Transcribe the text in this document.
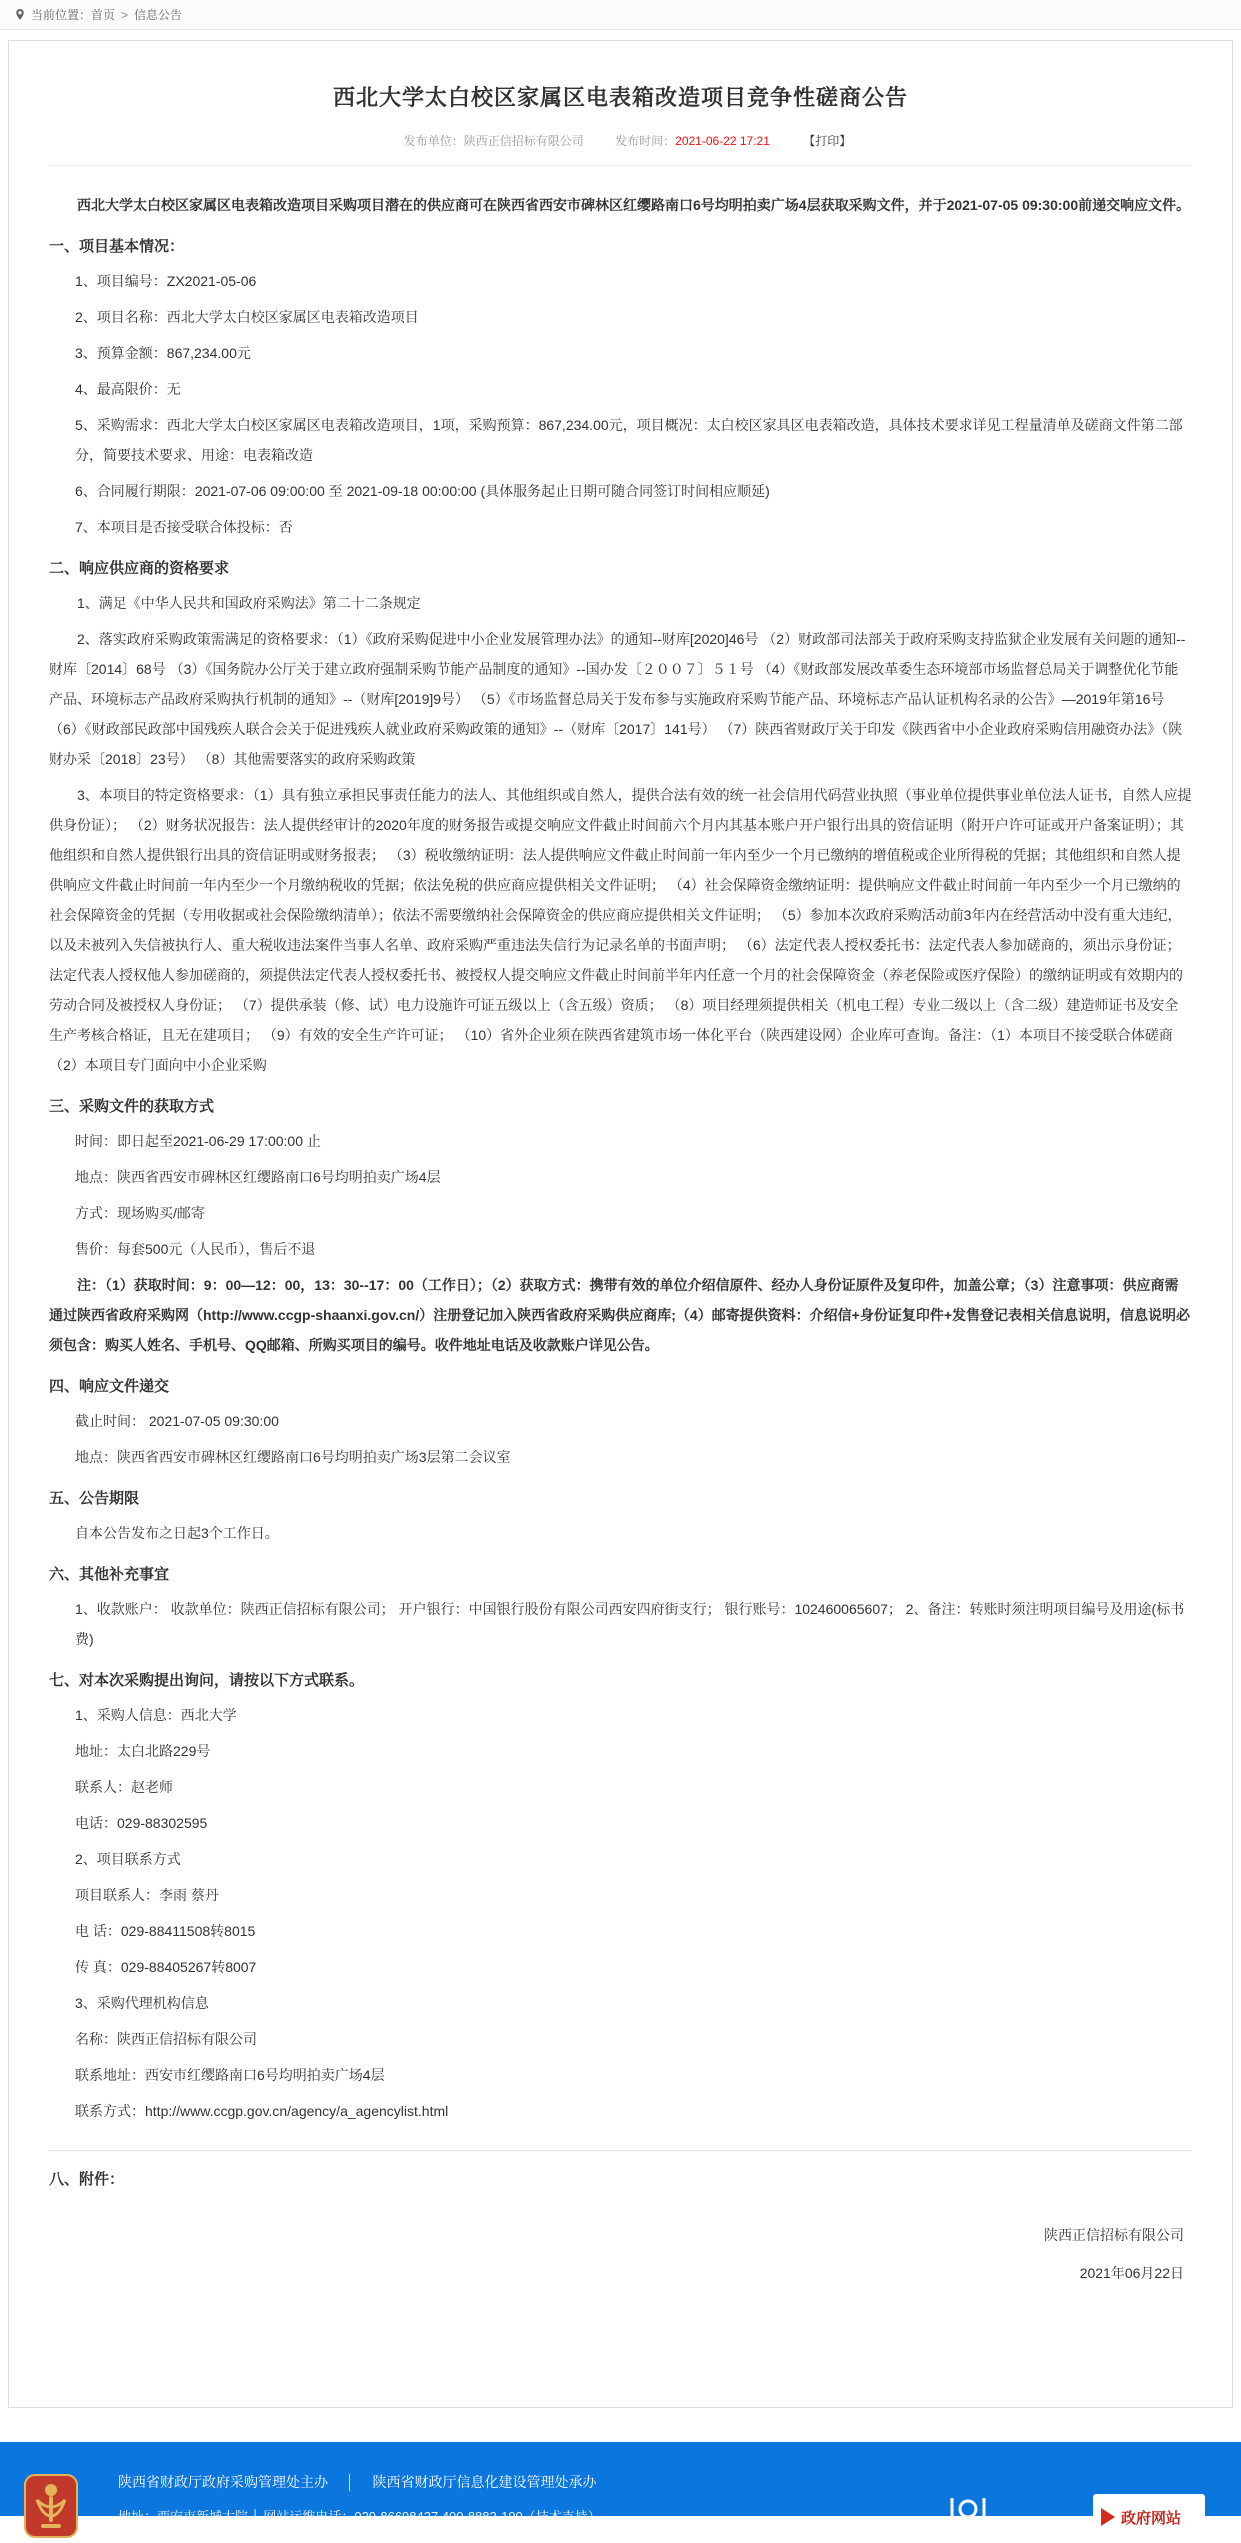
当前位置： 首页 > 信息公告
西北大学太白校区家属区电表箱改造项目竞争性磋商公告
发布单位：陕西正信招标有限公司	发布时间：2021-06-22 17:21	【打印】

西北大学太白校区家属区电表箱改造项目采购项目潜在的供应商可在陕西省西安市碑林区红缨路南口6号均明拍卖广场4层获取采购文件，并于2021-07-05 09:30:00前递交响应文件。

一、项目基本情况：

1、项目编号：ZX2021-05-06

2、项目名称：西北大学太白校区家属区电表箱改造项目

3、预算金额：867,234.00元

4、最高限价：无

5、采购需求：西北大学太白校区家属区电表箱改造项目，1项，采购预算：867,234.00元，项目概况：太白校区家具区电表箱改造，具体技术要求详见工程量清单及磋商文件第二部分，简要技术要求、用途：电表箱改造

6、合同履行期限：2021-07-06 09:00:00 至 2021-09-18 00:00:00 (具体服务起止日期可随合同签订时间相应顺延)

7、本项目是否接受联合体投标：否

二、响应供应商的资格要求

1、满足《中华人民共和国政府采购法》第二十二条规定

2、落实政府采购政策需满足的资格要求：（1）《政府采购促进中小企业发展管理办法》的通知--财库[2020]46号 （2）财政部司法部关于政府采购支持监狱企业发展有关问题的通知--财库〔2014〕68号 （3）《国务院办公厅关于建立政府强制采购节能产品制度的通知》--国办发〔２００７〕５１号 （4）《财政部发展改革委生态环境部市场监督总局关于调整优化节能产品、环境标志产品政府采购执行机制的通知》--（财库[2019]9号） （5）《市场监督总局关于发布参与实施政府采购节能产品、环境标志产品认证机构名录的公告》—2019年第16号 （6）《财政部民政部中国残疾人联合会关于促进残疾人就业政府采购政策的通知》--（财库〔2017〕141号） （7）陕西省财政厅关于印发《陕西省中小企业政府采购信用融资办法》（陕财办采〔2018〕23号） （8）其他需要落实的政府采购政策

3、本项目的特定资格要求：（1）具有独立承担民事责任能力的法人、其他组织或自然人，提供合法有效的统一社会信用代码营业执照（事业单位提供事业单位法人证书，自然人应提供身份证）； （2）财务状况报告：法人提供经审计的2020年度的财务报告或提交响应文件截止时间前六个月内其基本账户开户银行出具的资信证明（附开户许可证或开户备案证明）；其他组织和自然人提供银行出具的资信证明或财务报表； （3）税收缴纳证明：法人提供响应文件截止时间前一年内至少一个月已缴纳的增值税或企业所得税的凭据；其他组织和自然人提供响应文件截止时间前一年内至少一个月缴纳税收的凭据；依法免税的供应商应提供相关文件证明； （4）社会保障资金缴纳证明：提供响应文件截止时间前一年内至少一个月已缴纳的社会保障资金的凭据（专用收据或社会保险缴纳清单）；依法不需要缴纳社会保障资金的供应商应提供相关文件证明； （5）参加本次政府采购活动前3年内在经营活动中没有重大违纪，以及未被列入失信被执行人、重大税收违法案件当事人名单、政府采购严重违法失信行为记录名单的书面声明； （6）法定代表人授权委托书：法定代表人参加磋商的，须出示身份证；法定代表人授权他人参加磋商的，须提供法定代表人授权委托书、被授权人提交响应文件截止时间前半年内任意一个月的社会保障资金（养老保险或医疗保险）的缴纳证明或有效期内的劳动合同及被授权人身份证； （7）提供承装（修、试）电力设施许可证五级以上（含五级）资质； （8）项目经理须提供相关（机电工程）专业二级以上（含二级）建造师证书及安全生产考核合格证，且无在建项目； （9）有效的安全生产许可证； （10）省外企业须在陕西省建筑市场一体化平台（陕西建设网）企业库可查询。备注：（1）本项目不接受联合体磋商（2）本项目专门面向中小企业采购

三、采购文件的获取方式

时间：即日起至2021-06-29 17:00:00 止

地点：陕西省西安市碑林区红缨路南口6号均明拍卖广场4层

方式：现场购买/邮寄

售价：每套500元（人民币），售后不退

注：（1）获取时间：9：00—12：00，13：30--17：00（工作日）；（2）获取方式：携带有效的单位介绍信原件、经办人身份证原件及复印件，加盖公章；（3）注意事项：供应商需通过陕西省政府采购网（http://www.ccgp-shaanxi.gov.cn/）注册登记加入陕西省政府采购供应商库;（4）邮寄提供资料：介绍信+身份证复印件+发售登记表相关信息说明，信息说明必须包含：购买人姓名、手机号、QQ邮箱、所购买项目的编号。收件地址电话及收款账户详见公告。

四、响应文件递交

截止时间： 2021-07-05 09:30:00

地点：陕西省西安市碑林区红缨路南口6号均明拍卖广场3层第二会议室

五、公告期限

自本公告发布之日起3个工作日。

六、其他补充事宜

1、收款账户： 收款单位：陕西正信招标有限公司； 开户银行：中国银行股份有限公司西安四府街支行； 银行账号：102460065607； 2、备注：转账时须注明项目编号及用途(标书费)

七、对本次采购提出询问，请按以下方式联系。

1、采购人信息：西北大学

地址：太白北路229号

联系人：赵老师

电话：029-88302595

2、项目联系方式

项目联系人：李雨 蔡丹

电 话：029-88411508转8015

传 真：029-88405267转8007

3、采购代理机构信息

名称：陕西正信招标有限公司

联系地址：西安市红缨路南口6号均明拍卖广场4层

联系方式：http://www.ccgp.gov.cn/agency/a_agencylist.html

八、附件：

陕西正信招标有限公司

2021年06月22日

陕西省财政厅政府采购管理处主办 │ 陕西省财政厅信息化建设管理处承办
地址：西安市新城大院 │ 网站运维电话：029-86698427 400-8882-190（技术支持）	政府网站
